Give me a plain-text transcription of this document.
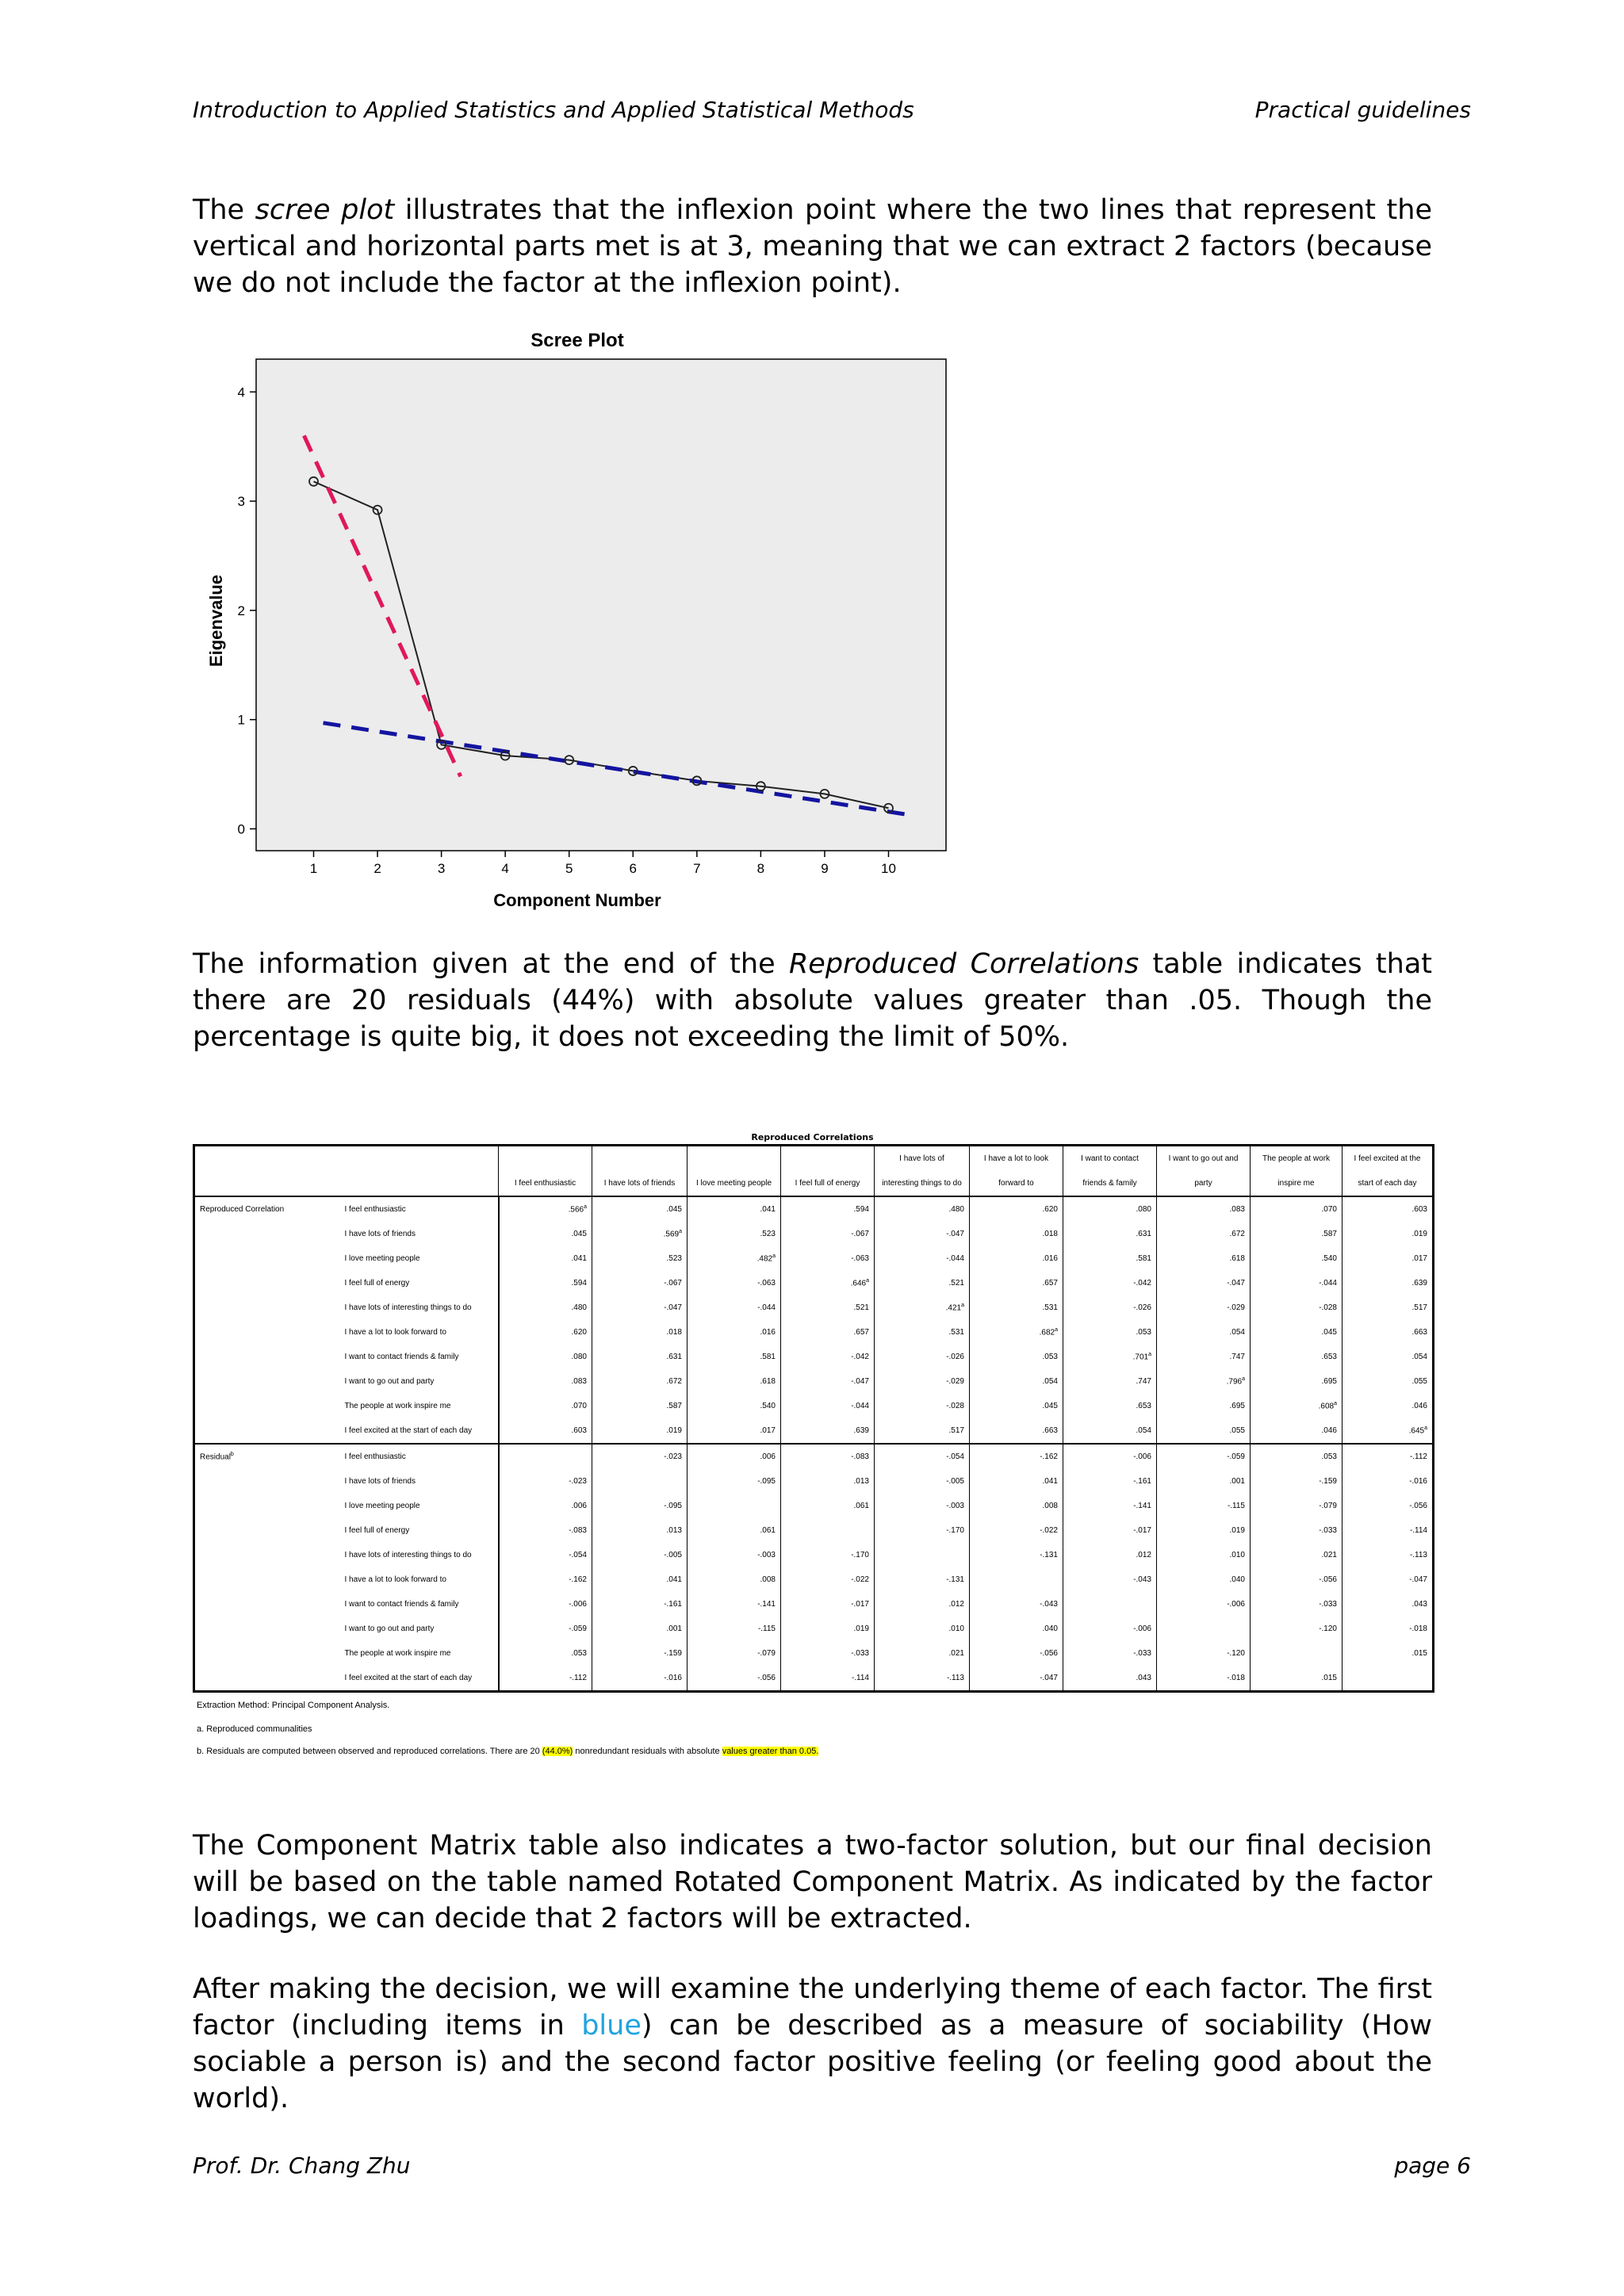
Introduction to Applied Statistics and Applied Statistical Methods	Practical guidelines

The scree plot illustrates that the inflexion point where the two lines that represent the vertical and horizontal parts met is at 3, meaning that we can extract 2 factors (because we do not include the factor at the inflexion point).

Scree Plot
0
1
2
3
4
1	2	3	4	5	6	7	8	9	10
Component Number
Eigenvalue

The information given at the end of the Reproduced Correlations table indicates that there are 20 residuals (44%) with absolute values greater than .05. Though the percentage is quite big, it does not exceeding the limit of 50%.

Reproduced Correlations

		I feel enthusiastic	I have lots of friends	I love meeting people	I feel full of energy	I have lots of
interesting things to do	I have a lot to look
forward to	I want to contact
friends & family	I want to go out and
party	The people at work
inspire me	I feel excited at the
start of each day

Reproduced Correlation	I feel enthusiastic	.566$^a$	.045	.041	.594	.480	.620	.080	.083	.070	.603
	I have lots of friends	.045	.569$^a$	.523	-.067	-.047	.018	.631	.672	.587	.019
	I love meeting people	.041	.523	.482$^a$	-.063	-.044	.016	.581	.618	.540	.017
	I feel full of energy	.594	-.067	-.063	.646$^a$	.521	.657	-.042	-.047	-.044	.639
	I have lots of interesting things to do	.480	-.047	-.044	.521	.421$^a$	.531	-.026	-.029	-.028	.517
	I have a lot to look forward to	.620	.018	.016	.657	.531	.682$^a$	.053	.054	.045	.663
	I want to contact friends & family	.080	.631	.581	-.042	-.026	.053	.701$^a$	.747	.653	.054
	I want to go out and party	.083	.672	.618	-.047	-.029	.054	.747	.796$^a$	.695	.055
	The people at work inspire me	.070	.587	.540	-.044	-.028	.045	.653	.695	.608$^a$	.046
	I feel excited at the start of each day	.603	.019	.017	.639	.517	.663	.054	.055	.046	.645$^a$
Residual$^b$	I feel enthusiastic		-.023	.006	-.083	-.054	-.162	-.006	-.059	.053	-.112
	I have lots of friends	-.023		-.095	.013	-.005	.041	-.161	.001	-.159	-.016
	I love meeting people	.006	-.095		.061	-.003	.008	-.141	-.115	-.079	-.056
	I feel full of energy	-.083	.013	.061		-.170	-.022	-.017	.019	-.033	-.114
	I have lots of interesting things to do	-.054	-.005	-.003	-.170		-.131	.012	.010	.021	-.113
	I have a lot to look forward to	-.162	.041	.008	-.022	-.131		-.043	.040	-.056	-.047
	I want to contact friends & family	-.006	-.161	-.141	-.017	.012	-.043		-.006	-.033	.043
	I want to go out and party	-.059	.001	-.115	.019	.010	.040	-.006		-.120	-.018
	The people at work inspire me	.053	-.159	-.079	-.033	.021	-.056	-.033	-.120		.015
	I feel excited at the start of each day	-.112	-.016	-.056	-.114	-.113	-.047	.043	-.018	.015	
Extraction Method: Principal Component Analysis.
a. Reproduced communalities
b. Residuals are computed between observed and reproduced correlations. There are 20 (44.0%) nonredundant residuals with absolute values greater than 0.05.

The Component Matrix table also indicates a two-factor solution, but our final decision will be based on the table named Rotated Component Matrix. As indicated by the factor loadings, we can decide that 2 factors will be extracted.

After making the decision, we will examine the underlying theme of each factor. The first factor (including items in blue) can be described as a measure of sociability (How sociable a person is) and the second factor positive feeling (or feeling good about the world).

Prof. Dr. Chang Zhu	page 6
